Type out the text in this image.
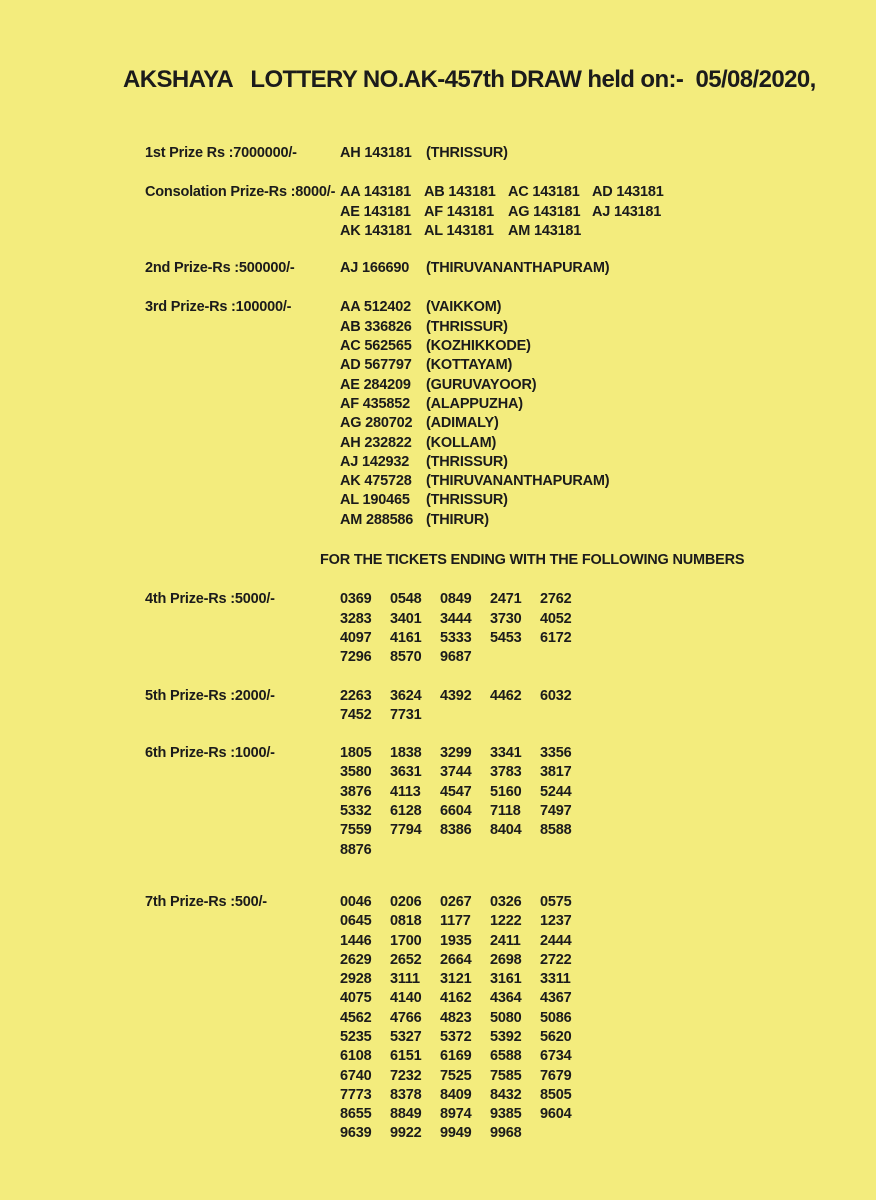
AKSHAYA   LOTTERY NO.AK-457th DRAW held on:-  05/08/2020,
1st Prize Rs :7000000/-	AH 143181 (THRISSUR)
Consolation Prize-Rs :8000/- AA 143181 AB 143181 AC 143181 AD 143181
AE 143181 AF 143181 AG 143181 AJ 143181
AK 143181 AL 143181 AM 143181
2nd Prize-Rs :500000/-	AJ 166690 (THIRUVANANTHAPURAM)
3rd Prize-Rs :100000/-	AA 512402 (VAIKKOM)
AB 336826 (THRISSUR)
AC 562565 (KOZHIKKODE)
AD 567797 (KOTTAYAM)
AE 284209 (GURUVAYOOR)
AF 435852 (ALAPPUZHA)
AG 280702 (ADIMALY)
AH 232822 (KOLLAM)
AJ 142932 (THRISSUR)
AK 475728 (THIRUVANANTHAPURAM)
AL 190465 (THRISSUR)
AM 288586 (THIRUR)
FOR THE TICKETS ENDING WITH THE FOLLOWING NUMBERS
4th Prize-Rs :5000/-	0369	0548	0849	2471	2762
3283	3401	3444	3730	4052
4097	4161	5333	5453	6172
7296	8570	9687
5th Prize-Rs :2000/-	2263	3624	4392	4462	6032
7452	7731
6th Prize-Rs :1000/-	1805	1838	3299	3341	3356
3580	3631	3744	3783	3817
3876	4113	4547	5160	5244
5332	6128	6604	7118	7497
7559	7794	8386	8404	8588
8876
7th Prize-Rs :500/-	0046	0206	0267	0326	0575
0645	0818	1177	1222	1237
1446	1700	1935	2411	2444
2629	2652	2664	2698	2722
2928	3111	3121	3161	3311
4075	4140	4162	4364	4367
4562	4766	4823	5080	5086
5235	5327	5372	5392	5620
6108	6151	6169	6588	6734
6740	7232	7525	7585	7679
7773	8378	8409	8432	8505
8655	8849	8974	9385	9604
9639	9922	9949	9968
